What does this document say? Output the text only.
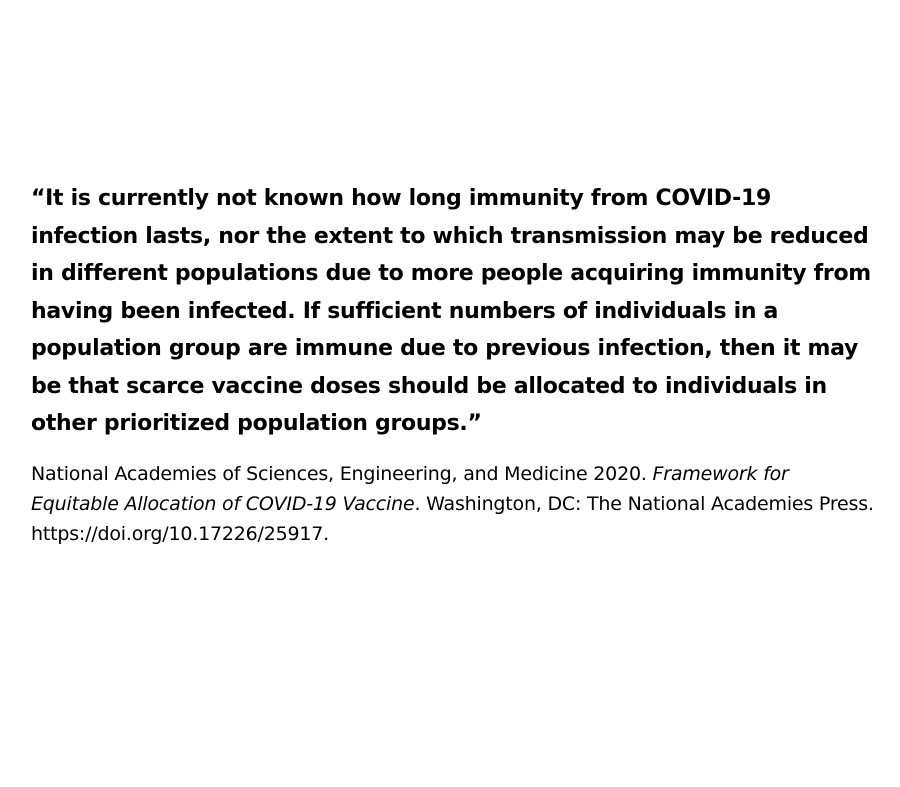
“It is currently not known how long immunity from COVID-19 infection lasts, nor the extent to which transmission may be reduced in different populations due to more people acquiring immunity from having been infected. If sufficient numbers of individuals in a population group are immune due to previous infection, then it may be that scarce vaccine doses should be allocated to individuals in other prioritized population groups.”

National Academies of Sciences, Engineering, and Medicine 2020. Framework for Equitable Allocation of COVID-19 Vaccine. Washington, DC: The National Academies Press. https://doi.org/10.17226/25917.
